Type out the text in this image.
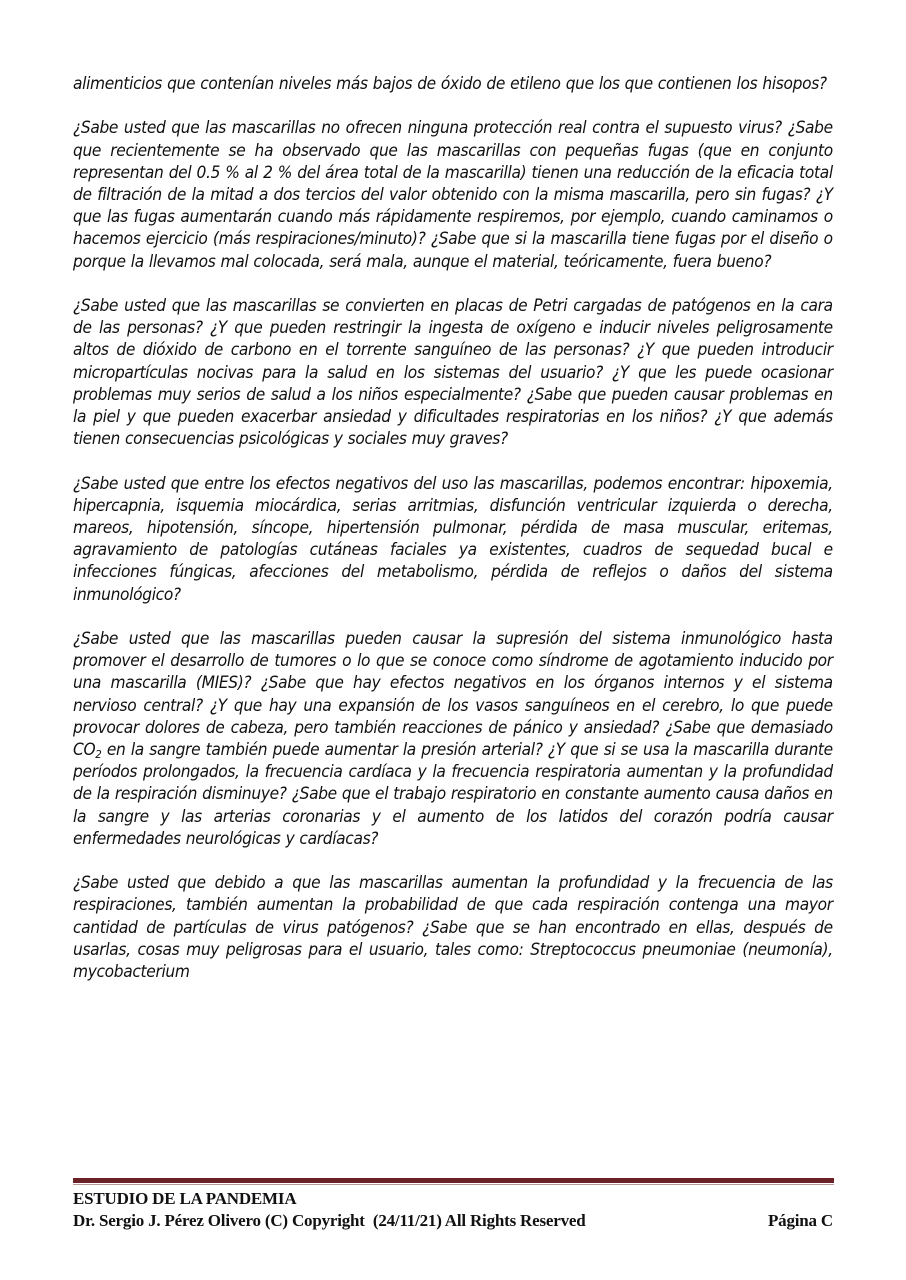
alimenticios que contenían niveles más bajos de óxido de etileno que los que contienen los hisopos?

¿Sabe usted que las mascarillas no ofrecen ninguna protección real contra el supuesto virus? ¿Sabe que recientemente se ha observado que las mascarillas con pequeñas fugas (que en conjunto representan del 0.5 % al 2 % del área total de la mascarilla) tienen una reducción de la eficacia total de filtración de la mitad a dos tercios del valor obtenido con la misma mascarilla, pero sin fugas? ¿Y que las fugas aumentarán cuando más rápidamente respiremos, por ejemplo, cuando caminamos o hacemos ejercicio (más respiraciones/minuto)? ¿Sabe que si la mascarilla tiene fugas por el diseño o porque la llevamos mal colocada, será mala, aunque el material, teóricamente, fuera bueno?

¿Sabe usted que las mascarillas se convierten en placas de Petri cargadas de patógenos en la cara de las personas? ¿Y que pueden restringir la ingesta de oxígeno e inducir niveles peligrosamente altos de dióxido de carbono en el torrente sanguíneo de las personas? ¿Y que pueden introducir micropartículas nocivas para la salud en los sistemas del usuario? ¿Y que les puede ocasionar problemas muy serios de salud a los niños especialmente? ¿Sabe que pueden causar problemas en la piel y que pueden exacerbar ansiedad y dificultades respiratorias en los niños? ¿Y que además tienen consecuencias psicológicas y sociales muy graves?

¿Sabe usted que entre los efectos negativos del uso las mascarillas, podemos encontrar: hipoxemia, hipercapnia, isquemia miocárdica, serias arritmias, disfunción ventricular izquierda o derecha, mareos, hipotensión, síncope, hipertensión pulmonar, pérdida de masa muscular, eritemas, agravamiento de patologías cutáneas faciales ya existentes, cuadros de sequedad bucal e infecciones fúngicas, afecciones del metabolismo, pérdida de reflejos o daños del sistema inmunológico?

¿Sabe usted que las mascarillas pueden causar la supresión del sistema inmunológico hasta promover el desarrollo de tumores o lo que se conoce como síndrome de agotamiento inducido por una mascarilla (MIES)? ¿Sabe que hay efectos negativos en los órganos internos y el sistema nervioso central? ¿Y que hay una expansión de los vasos sanguíneos en el cerebro, lo que puede provocar dolores de cabeza, pero también reacciones de pánico y ansiedad? ¿Sabe que demasiado $CO_2$ en la sangre también puede aumentar la presión arterial? ¿Y que si se usa la mascarilla durante períodos prolongados, la frecuencia cardíaca y la frecuencia respiratoria aumentan y la profundidad de la respiración disminuye? ¿Sabe que el trabajo respiratorio en constante aumento causa daños en la sangre y las arterias coronarias y el aumento de los latidos del corazón podría causar enfermedades neurológicas y cardíacas?

¿Sabe usted que debido a que las mascarillas aumentan la profundidad y la frecuencia de las respiraciones, también aumentan la probabilidad de que cada respiración contenga una mayor cantidad de partículas de virus patógenos? ¿Sabe que se han encontrado en ellas, después de usarlas, cosas muy peligrosas para el usuario, tales como: Streptococcus pneumoniae (neumonía), mycobacterium

ESTUDIO DE LA PANDEMIA
Dr. Sergio J. Pérez Olivero (C) Copyright  (24/11/21) All Rights Reserved	Página C
